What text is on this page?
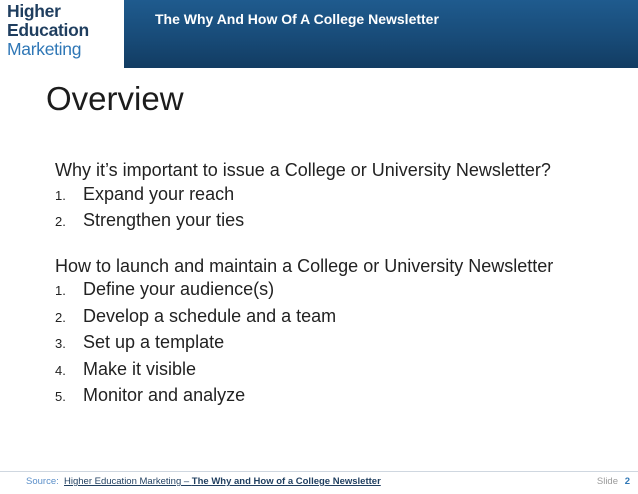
Higher
Education
Marketing
The Why And How Of A College Newsletter
Overview

Why it’s important to issue a College or University Newsletter?

1. Expand your reach
2. Strengthen your ties

How to launch and maintain a College or University Newsletter

1. Define your audience(s)
2. Develop a schedule and a team
3. Set up a template
4. Make it visible
5. Monitor and analyze
Source: Higher Education Marketing – The Why and How of a College Newsletter	Slide 2
